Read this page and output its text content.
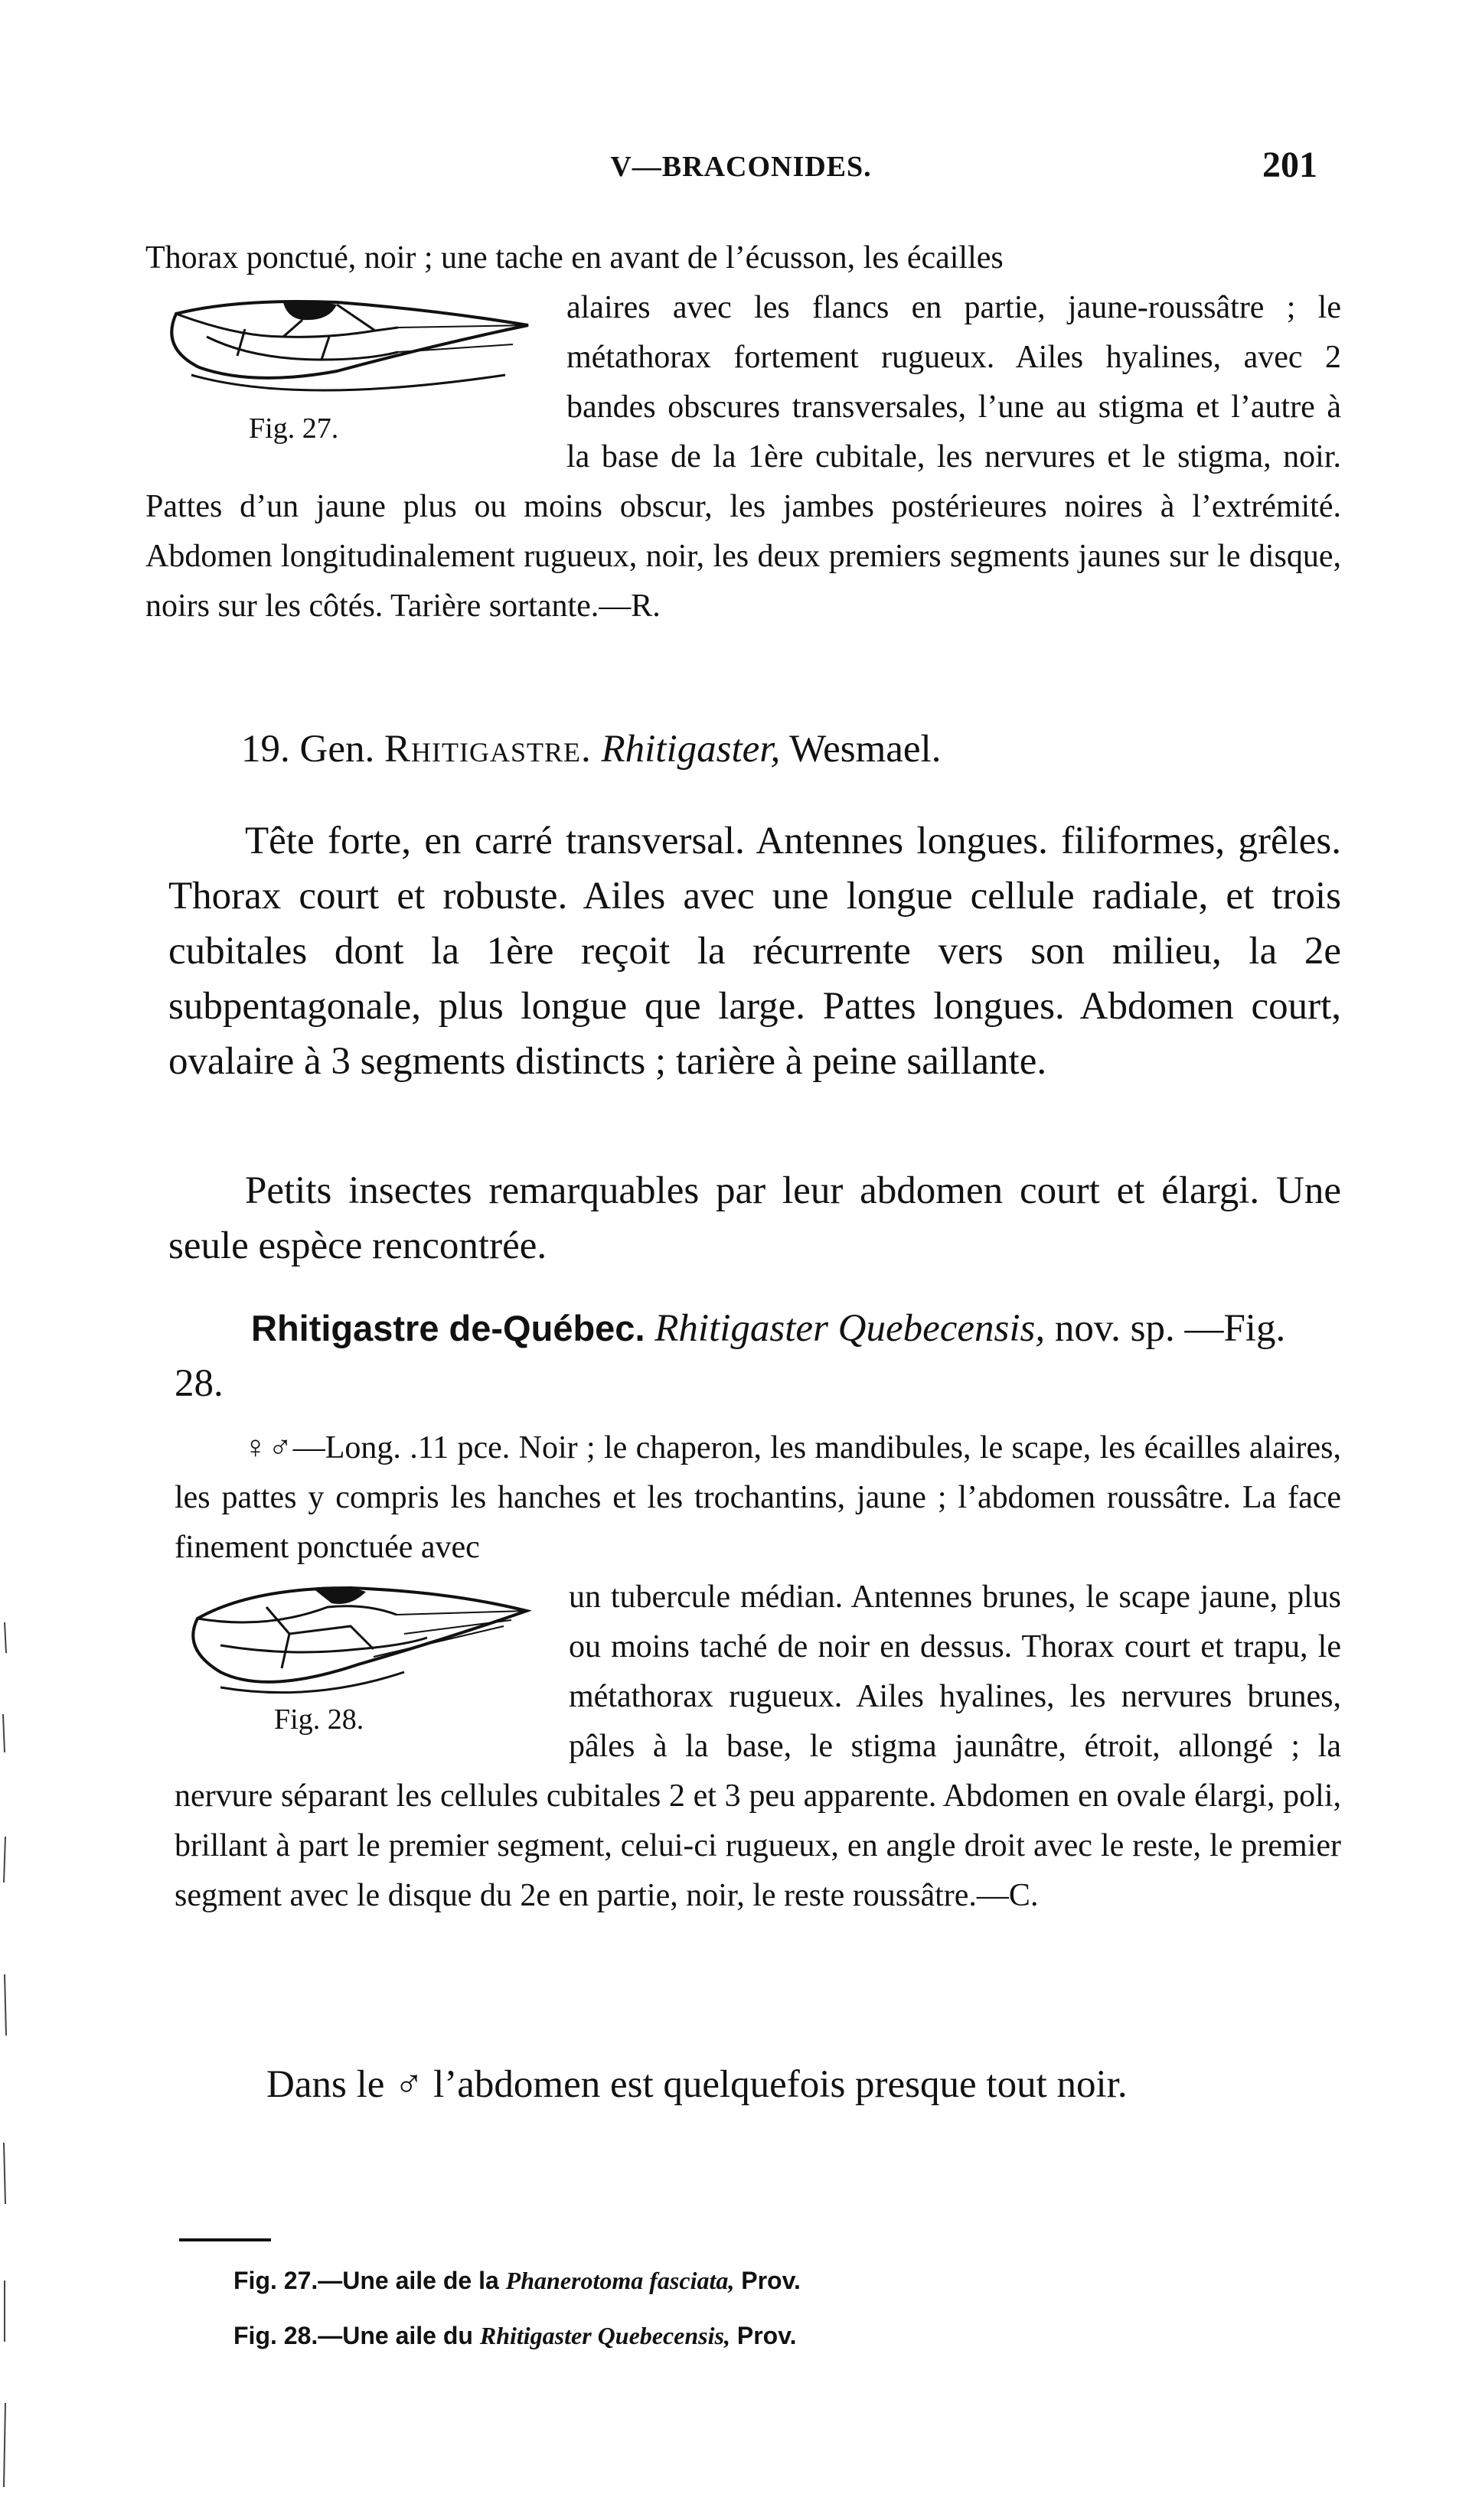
V—BRACONIDES.	201
Thorax ponctué, noir ; une tache en avant de l’écusson, les écailles
Fig. 27.
alaires avec les flancs en partie, jaune-roussâtre ; le métathorax fortement rugueux. Ailes hyalines, avec 2 bandes obscures transversales, l’une au stigma et l’autre à la base de la 1ère cubitale, les nervures et le stigma, noir. Pattes d’un jaune plus ou moins obscur, les jambes postérieures noires à l’extrémité. Abdomen longitudinalement rugueux, noir, les deux premiers segments jaunes sur le disque, noirs sur les côtés. Tarière sortante.—R.
19. Gen. Rhitigastre. Rhitigaster, Wesmael.
Tête forte, en carré transversal. Antennes longues. filiformes, grêles. Thorax court et robuste. Ailes avec une longue cellule radiale, et trois cubitales dont la 1ère reçoit la récurrente vers son milieu, la 2e subpentagonale, plus longue que large. Pattes longues. Abdomen court, ovalaire à 3 segments distincts ; tarière à peine saillante.
Petits insectes remarquables par leur abdomen court et élargi. Une seule espèce rencontrée.
Rhitigastre de-Québec. Rhitigaster Quebecensis, nov. sp. —Fig. 28.
♀♂—Long. .11 pce. Noir ; le chaperon, les mandibules, le scape, les écailles alaires, les pattes y compris les hanches et les trochantins, jaune ; l’abdomen roussâtre. La face finement ponctuée avec
Fig. 28.
un tubercule médian. Antennes brunes, le scape jaune, plus ou moins taché de noir en dessus. Thorax court et trapu, le métathorax rugueux. Ailes hyalines, les nervures brunes, pâles à la base, le stigma jaunâtre, étroit, allongé ; la nervure séparant les cellules cubitales 2 et 3 peu apparente. Abdomen en ovale élargi, poli, brillant à part le premier segment, celui-ci rugueux, en angle droit avec le reste, le premier segment avec le disque du 2e en partie, noir, le reste roussâtre.—C.
Dans le ♂ l’abdomen est quelquefois presque tout noir.
Fig. 27.—Une aile de la Phanerotoma fasciata, Prov.
Fig. 28.—Une aile du Rhitigaster Quebecensis, Prov.
